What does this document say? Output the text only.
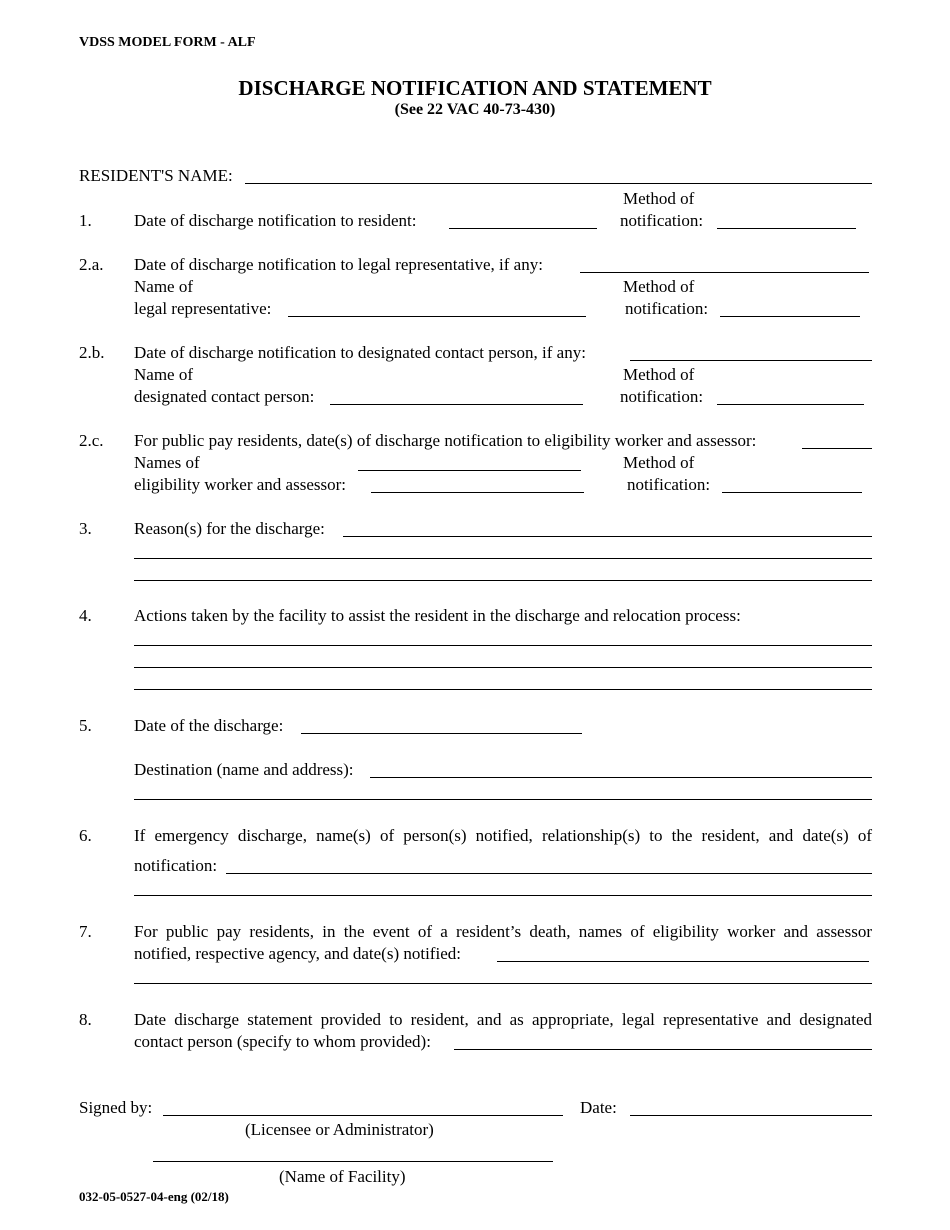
VDSS MODEL FORM - ALF
DISCHARGE NOTIFICATION AND STATEMENT
(See 22 VAC 40-73-430)
RESIDENT'S NAME:
Method of
1. Date of discharge notification to resident:	notification:
2.a. Date of discharge notification to legal representative, if any:
Name of	Method of
legal representative:	notification:
2.b. Date of discharge notification to designated contact person, if any:
Name of	Method of
designated contact person:	notification:
2.c. For public pay residents, date(s) of discharge notification to eligibility worker and assessor:
Names of	Method of
eligibility worker and assessor:	notification:
3. Reason(s) for the discharge:
4. Actions taken by the facility to assist the resident in the discharge and relocation process:
5. Date of the discharge:
Destination (name and address):
6. If emergency discharge, name(s) of person(s) notified, relationship(s) to the resident, and date(s) of
notification:
7. For public pay residents, in the event of a resident’s death, names of eligibility worker and assessor
notified, respective agency, and date(s) notified:
8. Date discharge statement provided to resident, and as appropriate, legal representative and designated
contact person (specify to whom provided):
Signed by:	Date:
(Licensee or Administrator)
(Name of Facility)
032-05-0527-04-eng (02/18)
